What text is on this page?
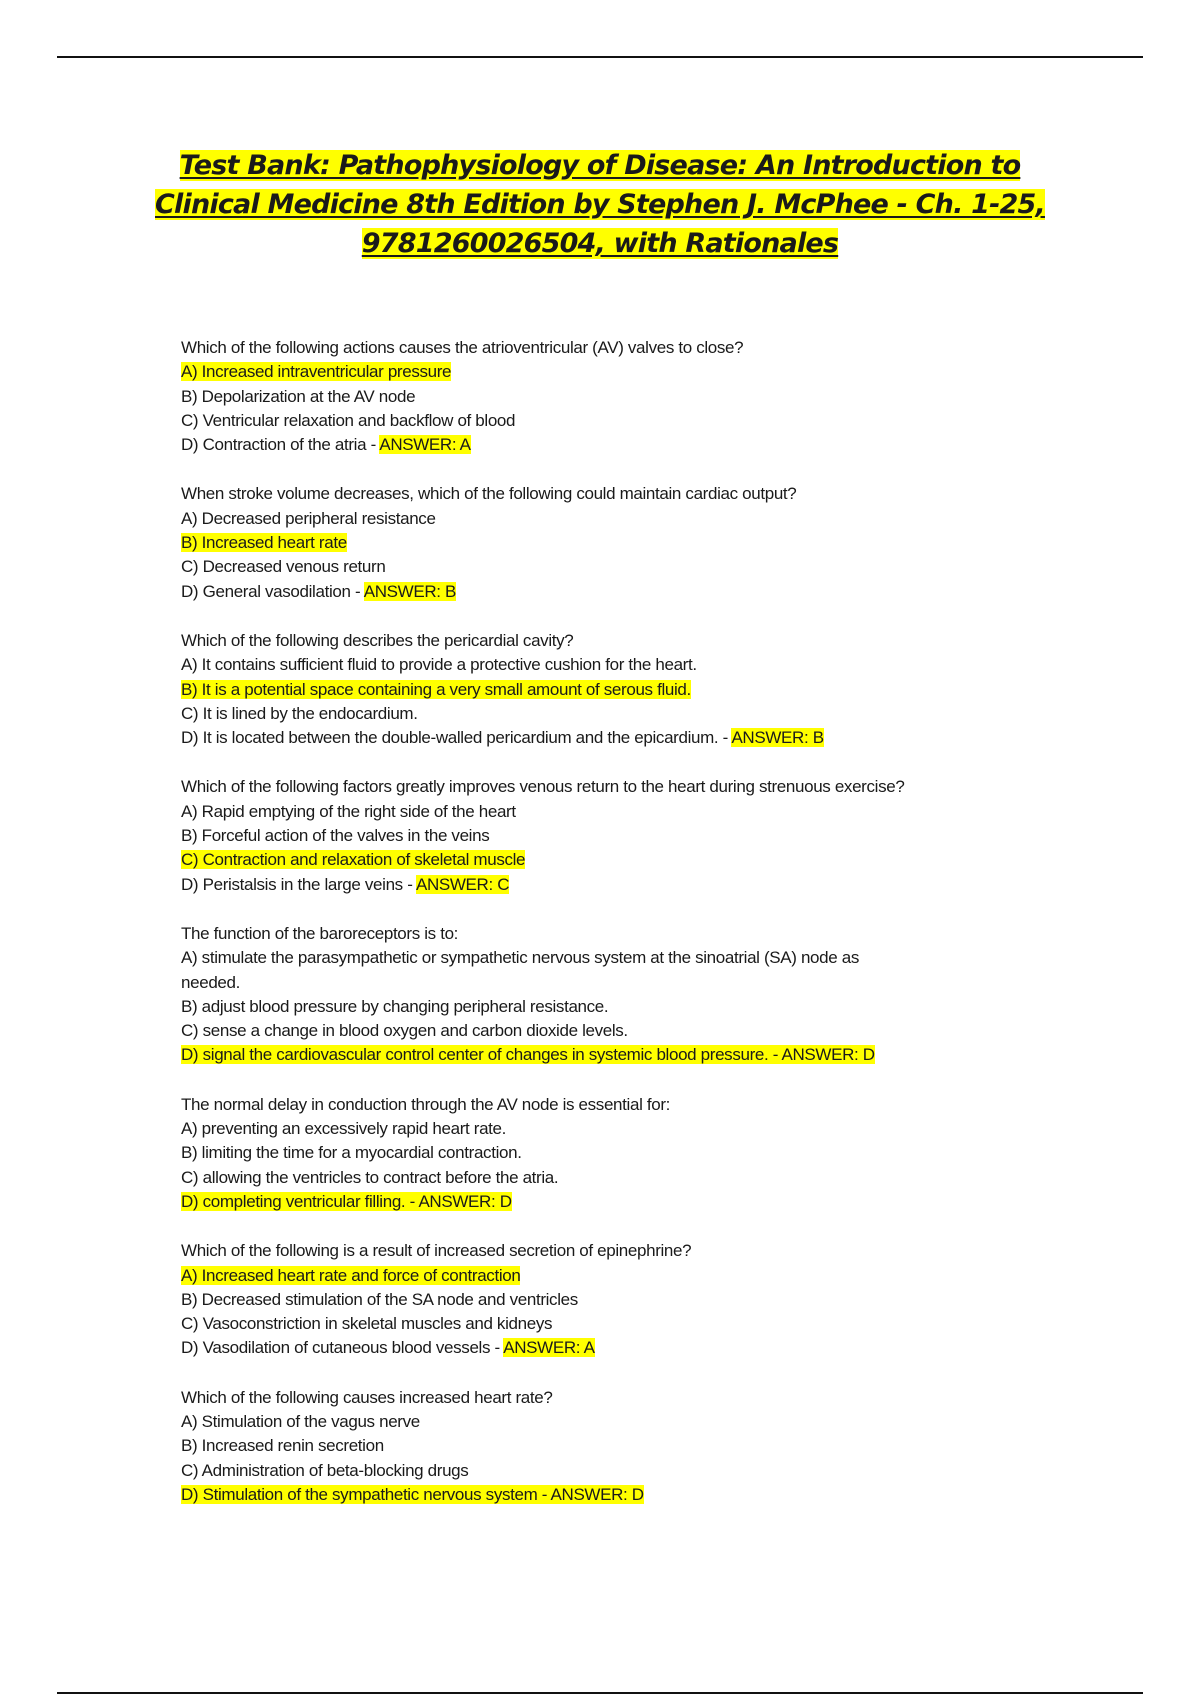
Test Bank: Pathophysiology of Disease: An Introduction to
Clinical Medicine 8th Edition by Stephen J. McPhee - Ch. 1-25,
9781260026504, with Rationales
Which of the following actions causes the atrioventricular (AV) valves to close?
A) Increased intraventricular pressure
B) Depolarization at the AV node
C) Ventricular relaxation and backflow of blood
D) Contraction of the atria - ANSWER: A
When stroke volume decreases, which of the following could maintain cardiac output?
A) Decreased peripheral resistance
B) Increased heart rate
C) Decreased venous return
D) General vasodilation - ANSWER: B
Which of the following describes the pericardial cavity?
A) It contains sufficient fluid to provide a protective cushion for the heart.
B) It is a potential space containing a very small amount of serous fluid.
C) It is lined by the endocardium.
D) It is located between the double-walled pericardium and the epicardium. - ANSWER: B
Which of the following factors greatly improves venous return to the heart during strenuous exercise?
A) Rapid emptying of the right side of the heart
B) Forceful action of the valves in the veins
C) Contraction and relaxation of skeletal muscle
D) Peristalsis in the large veins - ANSWER: C
The function of the baroreceptors is to:
A) stimulate the parasympathetic or sympathetic nervous system at the sinoatrial (SA) node as
needed.
B) adjust blood pressure by changing peripheral resistance.
C) sense a change in blood oxygen and carbon dioxide levels.
D) signal the cardiovascular control center of changes in systemic blood pressure. - ANSWER: D
The normal delay in conduction through the AV node is essential for:
A) preventing an excessively rapid heart rate.
B) limiting the time for a myocardial contraction.
C) allowing the ventricles to contract before the atria.
D) completing ventricular filling. - ANSWER: D
Which of the following is a result of increased secretion of epinephrine?
A) Increased heart rate and force of contraction
B) Decreased stimulation of the SA node and ventricles
C) Vasoconstriction in skeletal muscles and kidneys
D) Vasodilation of cutaneous blood vessels - ANSWER: A
Which of the following causes increased heart rate?
A) Stimulation of the vagus nerve
B) Increased renin secretion
C) Administration of beta-blocking drugs
D) Stimulation of the sympathetic nervous system - ANSWER: D
